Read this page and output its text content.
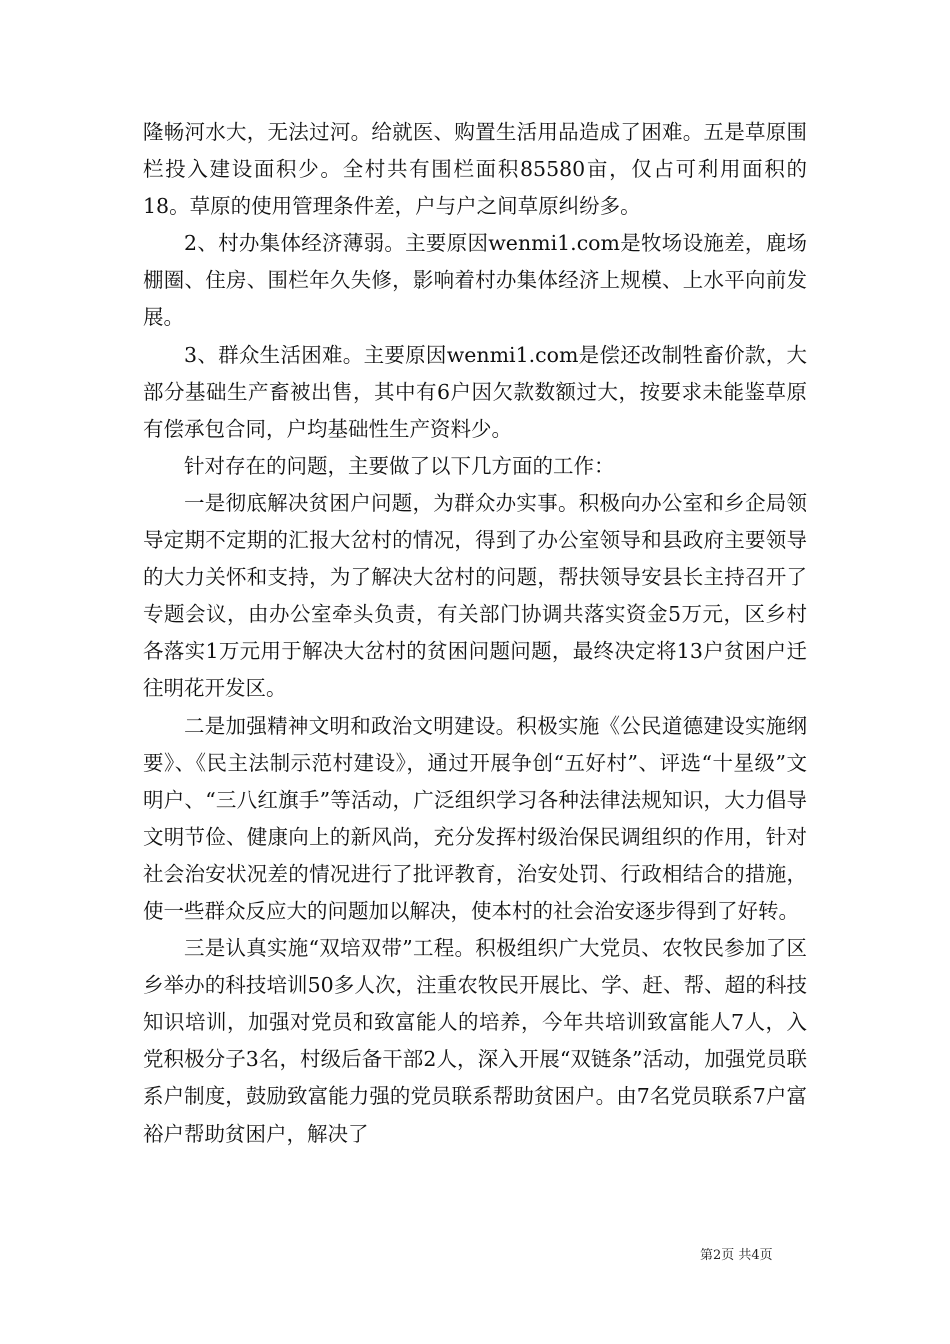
隆畅河水大，无法过河。给就医、购置生活用品造成了困难。五是草原围栏投入建设面积少。全村共有围栏面积85580亩，仅占可利用面积的18。草原的使用管理条件差，户与户之间草原纠纷多。

2、村办集体经济薄弱。主要原因wenmi1.com是牧场设施差，鹿场棚圈、住房、围栏年久失修，影响着村办集体经济上规模、上水平向前发展。

3、群众生活困难。主要原因wenmi1.com是偿还改制牲畜价款，大部分基础生产畜被出售，其中有6户因欠款数额过大，按要求未能鉴草原有偿承包合同，户均基础性生产资料少。

针对存在的问题，主要做了以下几方面的工作：

一是彻底解决贫困户问题，为群众办实事。积极向办公室和乡企局领导定期不定期的汇报大岔村的情况，得到了办公室领导和县政府主要领导的大力关怀和支持，为了解决大岔村的问题，帮扶领导安县长主持召开了专题会议，由办公室牵头负责，有关部门协调共落实资金5万元，区乡村各落实1万元用于解决大岔村的贫困问题问题，最终决定将13户贫困户迁往明花开发区。

二是加强精神文明和政治文明建设。积极实施《公民道德建设实施纲要》、《民主法制示范村建设》，通过开展争创“五好村”、评选“十星级”文明户、“三八红旗手”等活动，广泛组织学习各种法律法规知识，大力倡导文明节俭、健康向上的新风尚，充分发挥村级治保民调组织的作用，针对社会治安状况差的情况进行了批评教育，治安处罚、行政相结合的措施，使一些群众反应大的问题加以解决，使本村的社会治安逐步得到了好转。

三是认真实施“双培双带”工程。积极组织广大党员、农牧民参加了区乡举办的科技培训50多人次，注重农牧民开展比、学、赶、帮、超的科技知识培训，加强对党员和致富能人的培养，今年共培训致富能人7人，入党积极分子3名，村级后备干部2人，深入开展“双链条”活动，加强党员联系户制度，鼓励致富能力强的党员联系帮助贫困户。由7名党员联系7户富裕户帮助贫困户，解决了

第2页 共4页
